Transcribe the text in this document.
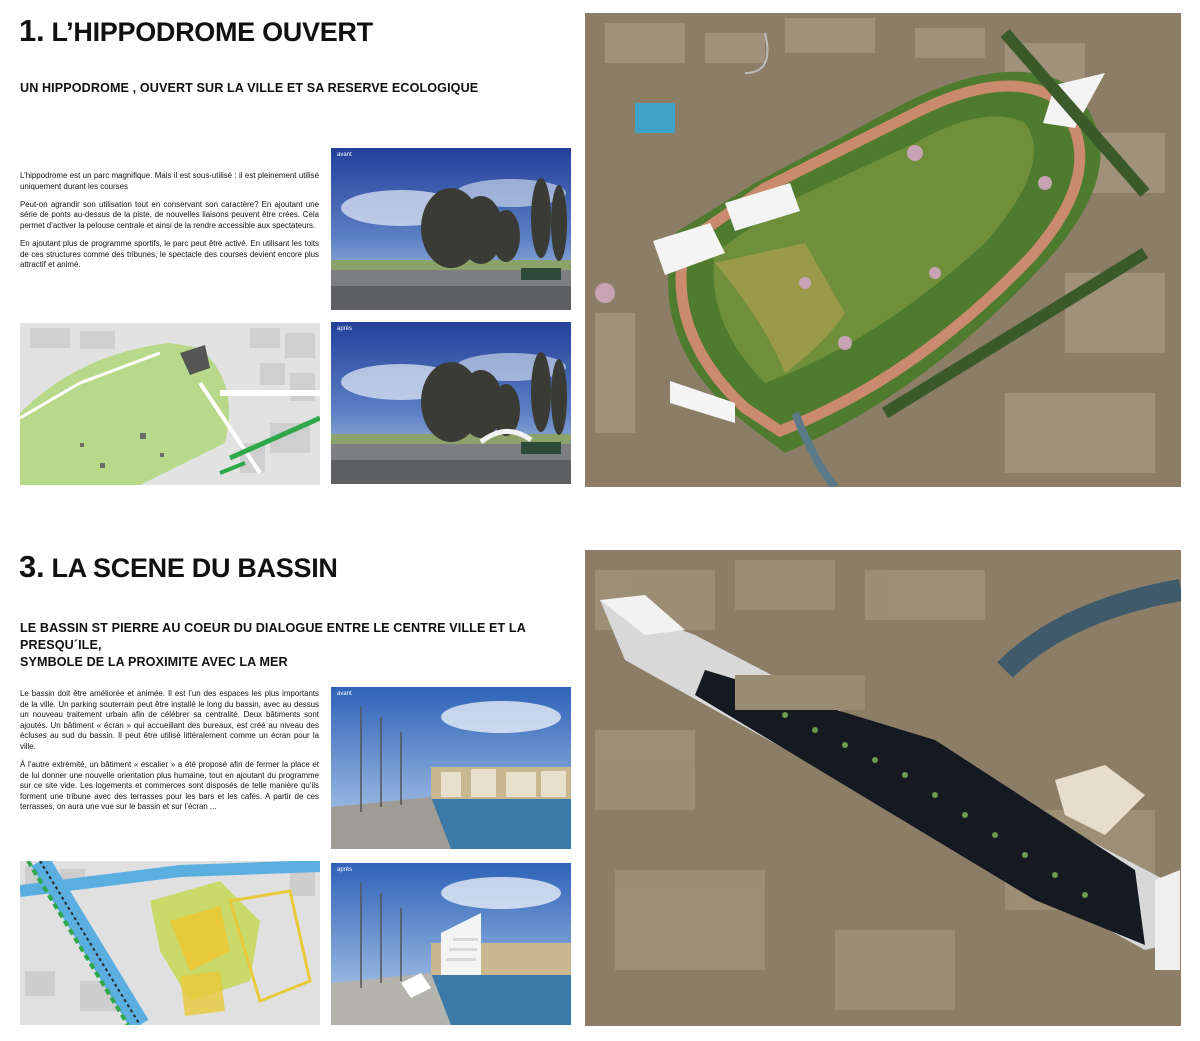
1. L’HIPPODROME OUVERT
UN HIPPODROME , OUVERT SUR LA VILLE ET SA RESERVE ECOLOGIQUE

L’hippodrome est un parc magnifique. Mais il est sous-utilisé : il est pleinement utilisé uniquement durant les courses

Peut-on agrandir son utilisation tout en conservant son caractère? En ajoutant une série de ponts au-dessus de la piste, de nouvelles liaisons peuvent être crées. Cela permet d’activer la pelouse centrale et ainsi de la rendre accessible aux spectateurs.

En ajoutant plus de programme sportifs, le parc peut être activé. En utilisant les toits de ces structures comme des tribunes, le spectacle des courses devient encore plus attractif et animé.

avant
après
3. LA SCENE DU BASSIN
LE BASSIN ST PIERRE AU COEUR DU DIALOGUE ENTRE LE CENTRE VILLE ET LA PRESQU´ILE,
SYMBOLE DE LA PROXIMITE AVEC LA MER

Le bassin doit être améliorée et animée. Il est l’un des espaces les plus importants de la ville. Un parking souterrain peut être installé le long du bassin, avec au dessus un nouveau traitement urbain afin de célébrer sa centralité. Deux bâtiments sont ajoutés. Un bâtiment « écran » qui accueillant des bureaux, est créé au niveau des écluses au sud du bassin. Il peut être utilisé littéralement comme un écran pour la ville.

À l’autre extrémité, un bâtiment « escalier » a été proposé afin de fermer la place et de lui donner une nouvelle orientation plus humaine, tout en ajoutant du programme sur ce site vide. Les logements et commerces sont disposés de telle manière qu’ils forment une tribune avec des terrasses pour les bars et les cafés. A partir de ces terrasses, on aura une vue sur le bassin et sur l’écran ...

avant
après
